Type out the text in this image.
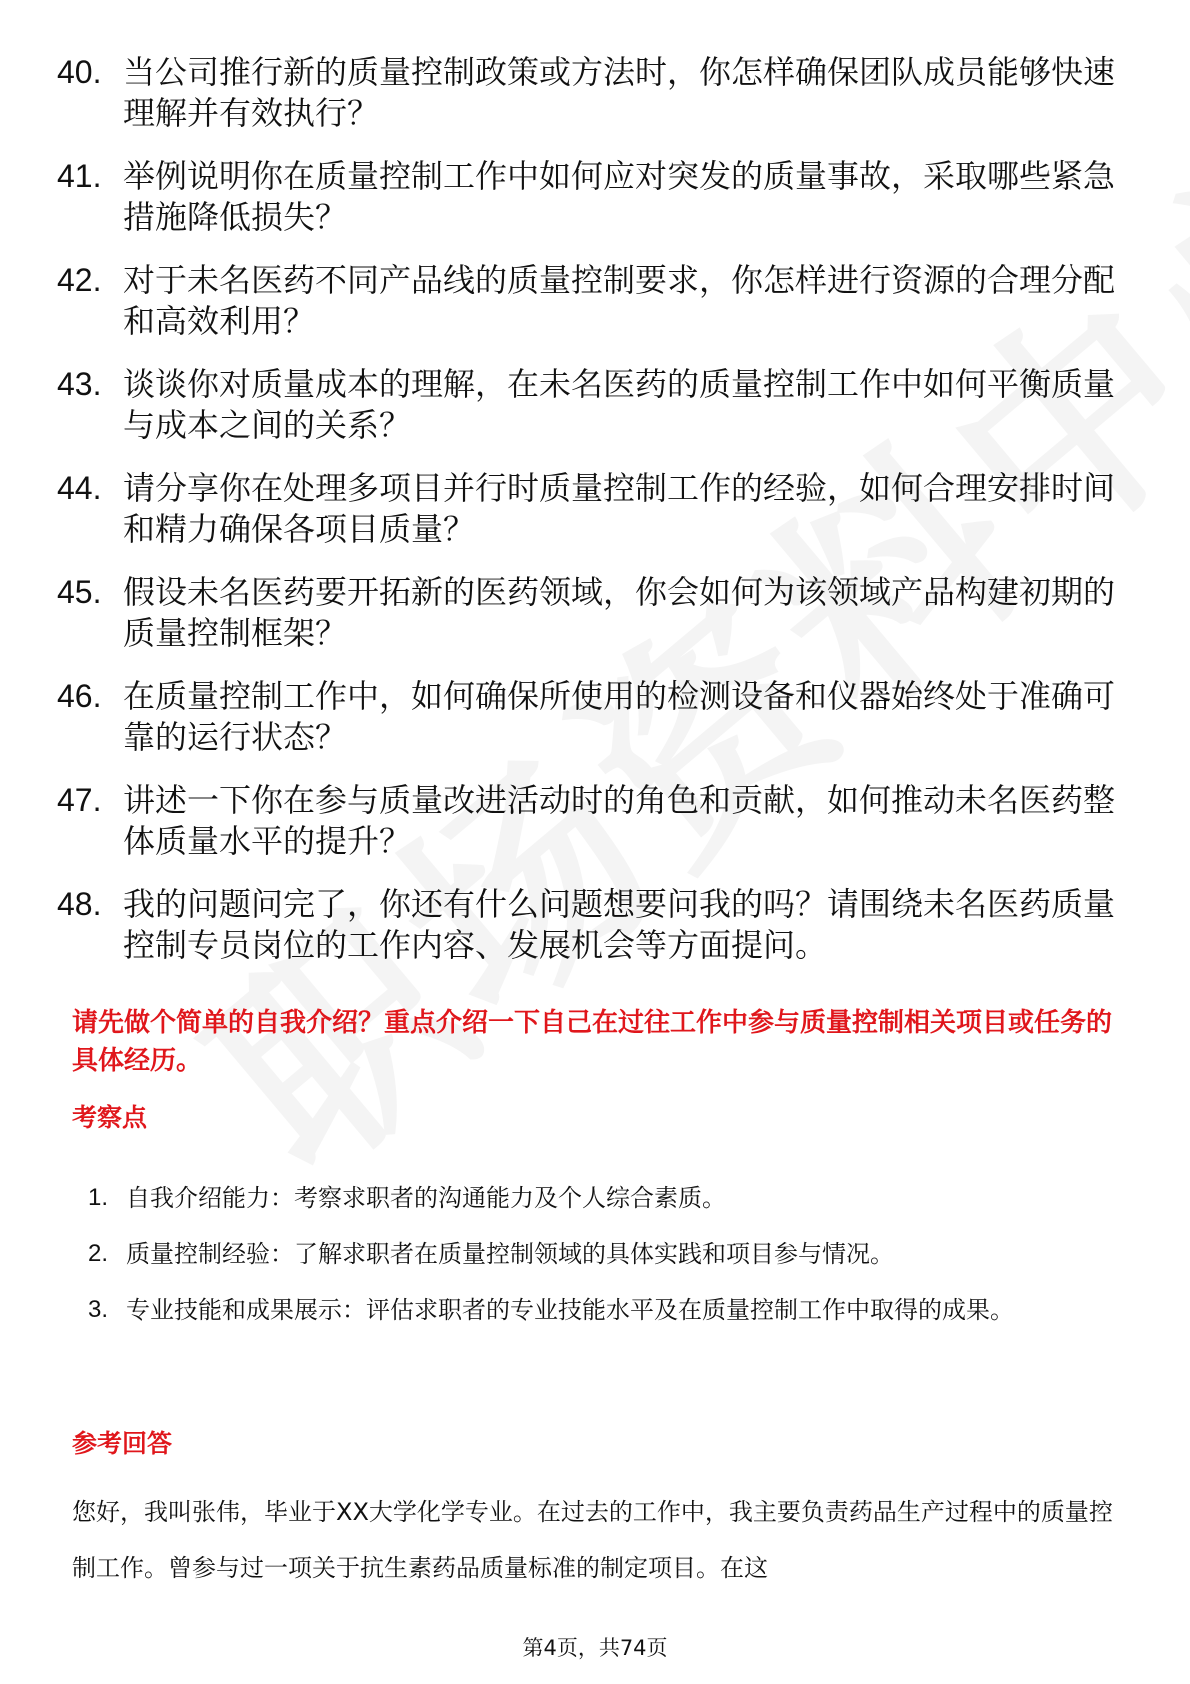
40. 当公司推行新的质量控制政策或方法时，你怎样确保团队成员能够快速理解并有效执行？
41. 举例说明你在质量控制工作中如何应对突发的质量事故，采取哪些紧急措施降低损失？
42. 对于未名医药不同产品线的质量控制要求，你怎样进行资源的合理分配和高效利用？
43. 谈谈你对质量成本的理解，在未名医药的质量控制工作中如何平衡质量与成本之间的关系？
44. 请分享你在处理多项目并行时质量控制工作的经验，如何合理安排时间和精力确保各项目质量？
45. 假设未名医药要开拓新的医药领域，你会如何为该领域产品构建初期的质量控制框架？
46. 在质量控制工作中，如何确保所使用的检测设备和仪器始终处于准确可靠的运行状态？
47. 讲述一下你在参与质量改进活动时的角色和贡献，如何推动未名医药整体质量水平的提升？
48. 我的问题问完了，你还有什么问题想要问我的吗？请围绕未名医药质量控制专员岗位的工作内容、发展机会等方面提问。

请先做个简单的自我介绍？重点介绍一下自己在过往工作中参与质量控制相关项目或任务的具体经历。

考察点
1. 自我介绍能力：考察求职者的沟通能力及个人综合素质。
2. 质量控制经验：了解求职者在质量控制领域的具体实践和项目参与情况。
3. 专业技能和成果展示：评估求职者的专业技能水平及在质量控制工作中取得的成果。
参考回答

您好，我叫张伟，毕业于XX大学化学专业。在过去的工作中，我主要负责药品生产过程中的质量控制工作。曾参与过一项关于抗生素药品质量标准的制定项目。在这

第4页，共74页
